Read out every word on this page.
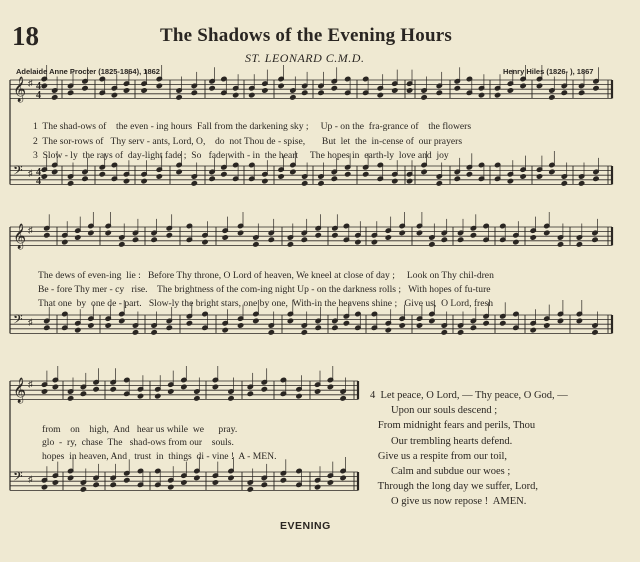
18	The Shadows of the Evening Hours
ST. LEONARD C.M.D.
Adelaide Anne Procter (1825-1864), 1862	Henry Hiles (1826- ), 1867
𝄞 ♯ 4
4
𝄢 ♯ 4
4
𝄞 ♯
𝄢 ♯
𝄞 ♯
𝄢 ♯
1  The shad-ows of    the even - ing hours  Fall from the darkening sky ;     Up - on the  fra-grance of    the flowers
2  The sor-rows of   Thy serv - ants, Lord, O,    do  not Thou de - spise,       But  let  the  in-cense of  our prayers
3  Slow - ly  the rays of  day-light fade ;  So   fade with - in  the heart     The hopes in  earth-ly  love and  joy
The dews of even-ing  lie :   Before Thy throne, O Lord of heaven, We kneel at close of day ;     Look on Thy chil-dren
Be - fore Thy mer - cy   rise.    The brightness of the com-ing night Up - on the darkness rolls ;   With hopes of fu-ture
That one  by  one de - part.   Slow-ly the bright stars, one by one,  With-in the heavens shine ;   Give us,  O Lord, fresh
from    on    high,  And   hear us while  we      pray.
glo  -  ry,  chase  The   shad-ows from our    souls.
hopes  in heaven, And   trust  in  things  di - vine !  A - MEN.
4  Let peace, O Lord, — Thy peace, O God, —
Upon our souls descend ;
From midnight fears and perils, Thou
Our trembling hearts defend.
Give us a respite from our toil,
Calm and subdue our woes ;
Through the long day we suffer, Lord,
O give us now repose !  AMEN.
EVENING
